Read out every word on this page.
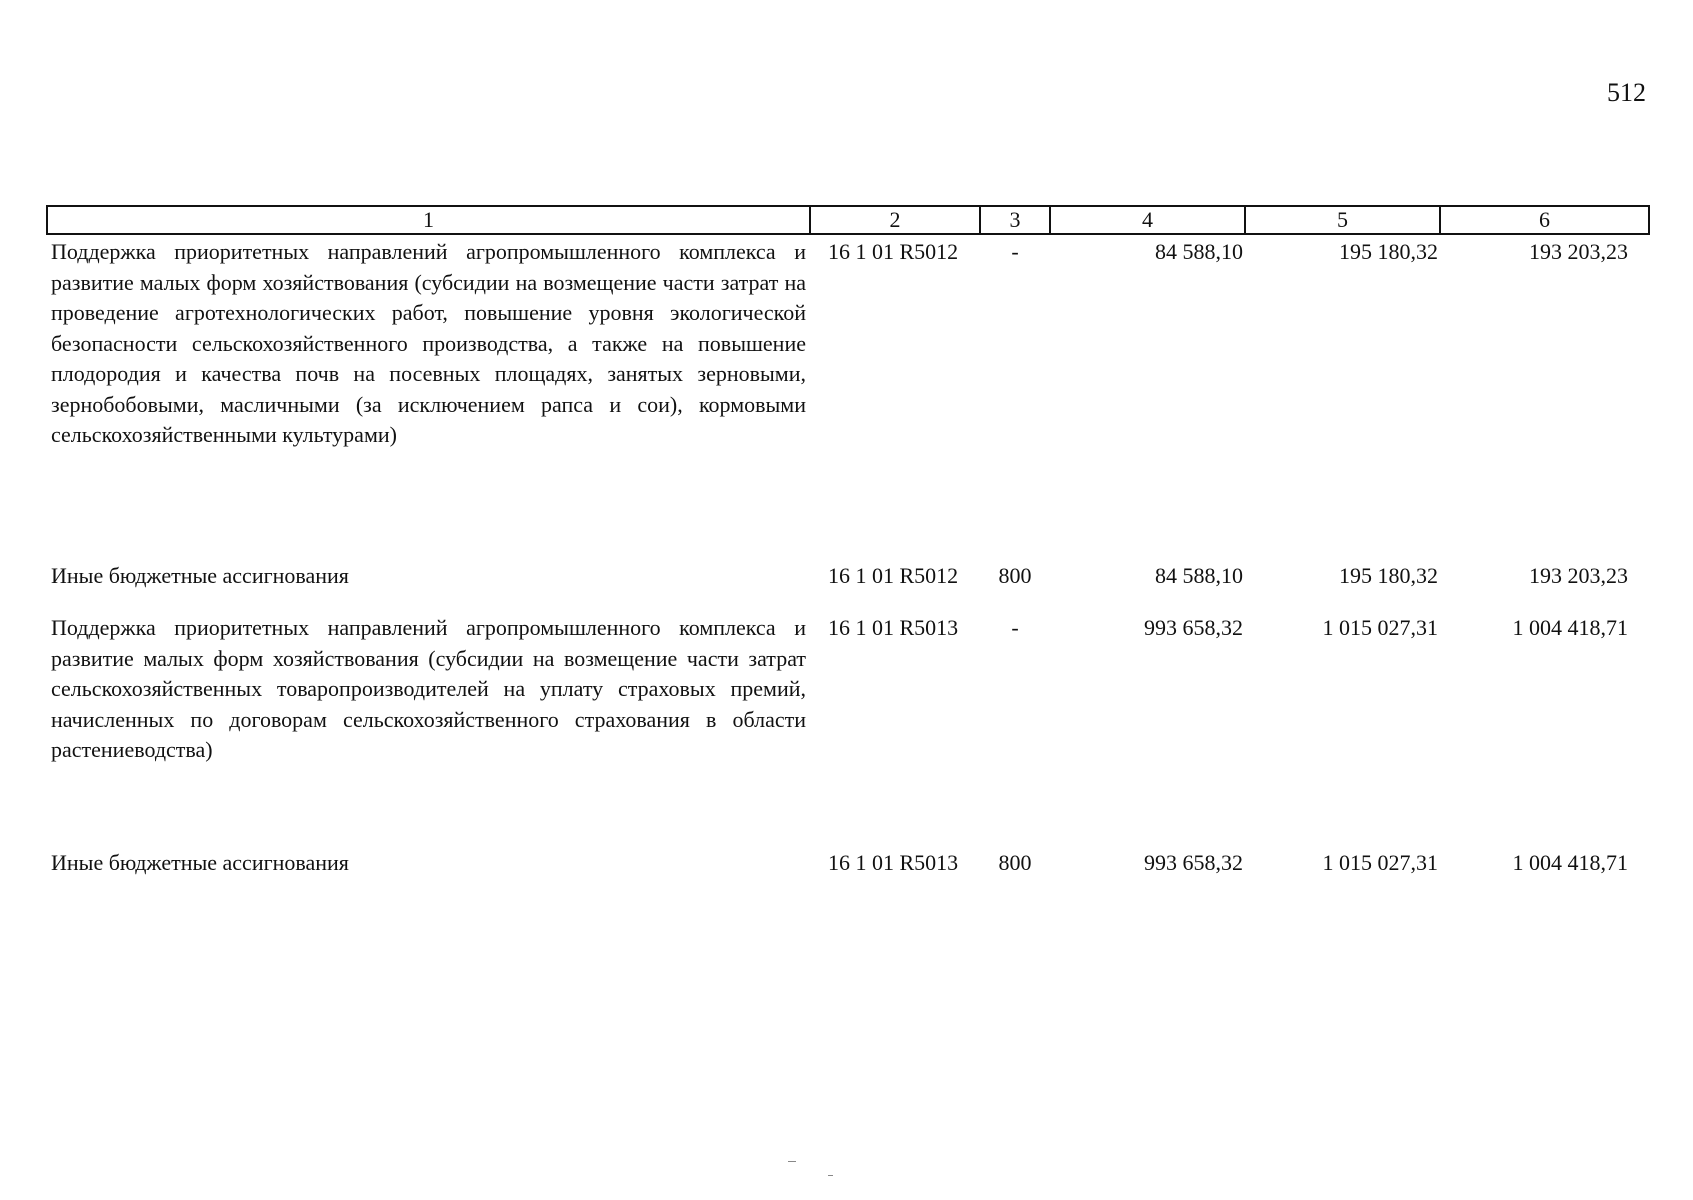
512
1	2	3	4	5	6
Поддержка приоритетных направлений агропромышленного комплекса и развитие малых форм хозяйствования (субсидии на возмещение части затрат на проведение агротехнологических работ, повышение уровня экологической безопасности сельскохозяйственного производства, а также на повышение плодородия и качества почв на посевных площадях, занятых зерновыми, зернобобовыми, масличными (за исключением рапса и сои), кормовыми сельскохозяйственными культурами)	16 1 01 R5012	-	84 588,10	195 180,32	193 203,23

Иные бюджетные ассигнования	16 1 01 R5012	800	84 588,10	195 180,32	193 203,23

Поддержка приоритетных направлений агропромышленного комплекса и развитие малых форм хозяйствования (субсидии на возмещение части затрат сельскохозяйственных товаропроизводителей на уплату страховых премий, начисленных по договорам сельскохозяйственного страхования в области растениеводства)	16 1 01 R5013	-	993 658,32	1 015 027,31	1 004 418,71

Иные бюджетные ассигнования	16 1 01 R5013	800	993 658,32	1 015 027,31	1 004 418,71
